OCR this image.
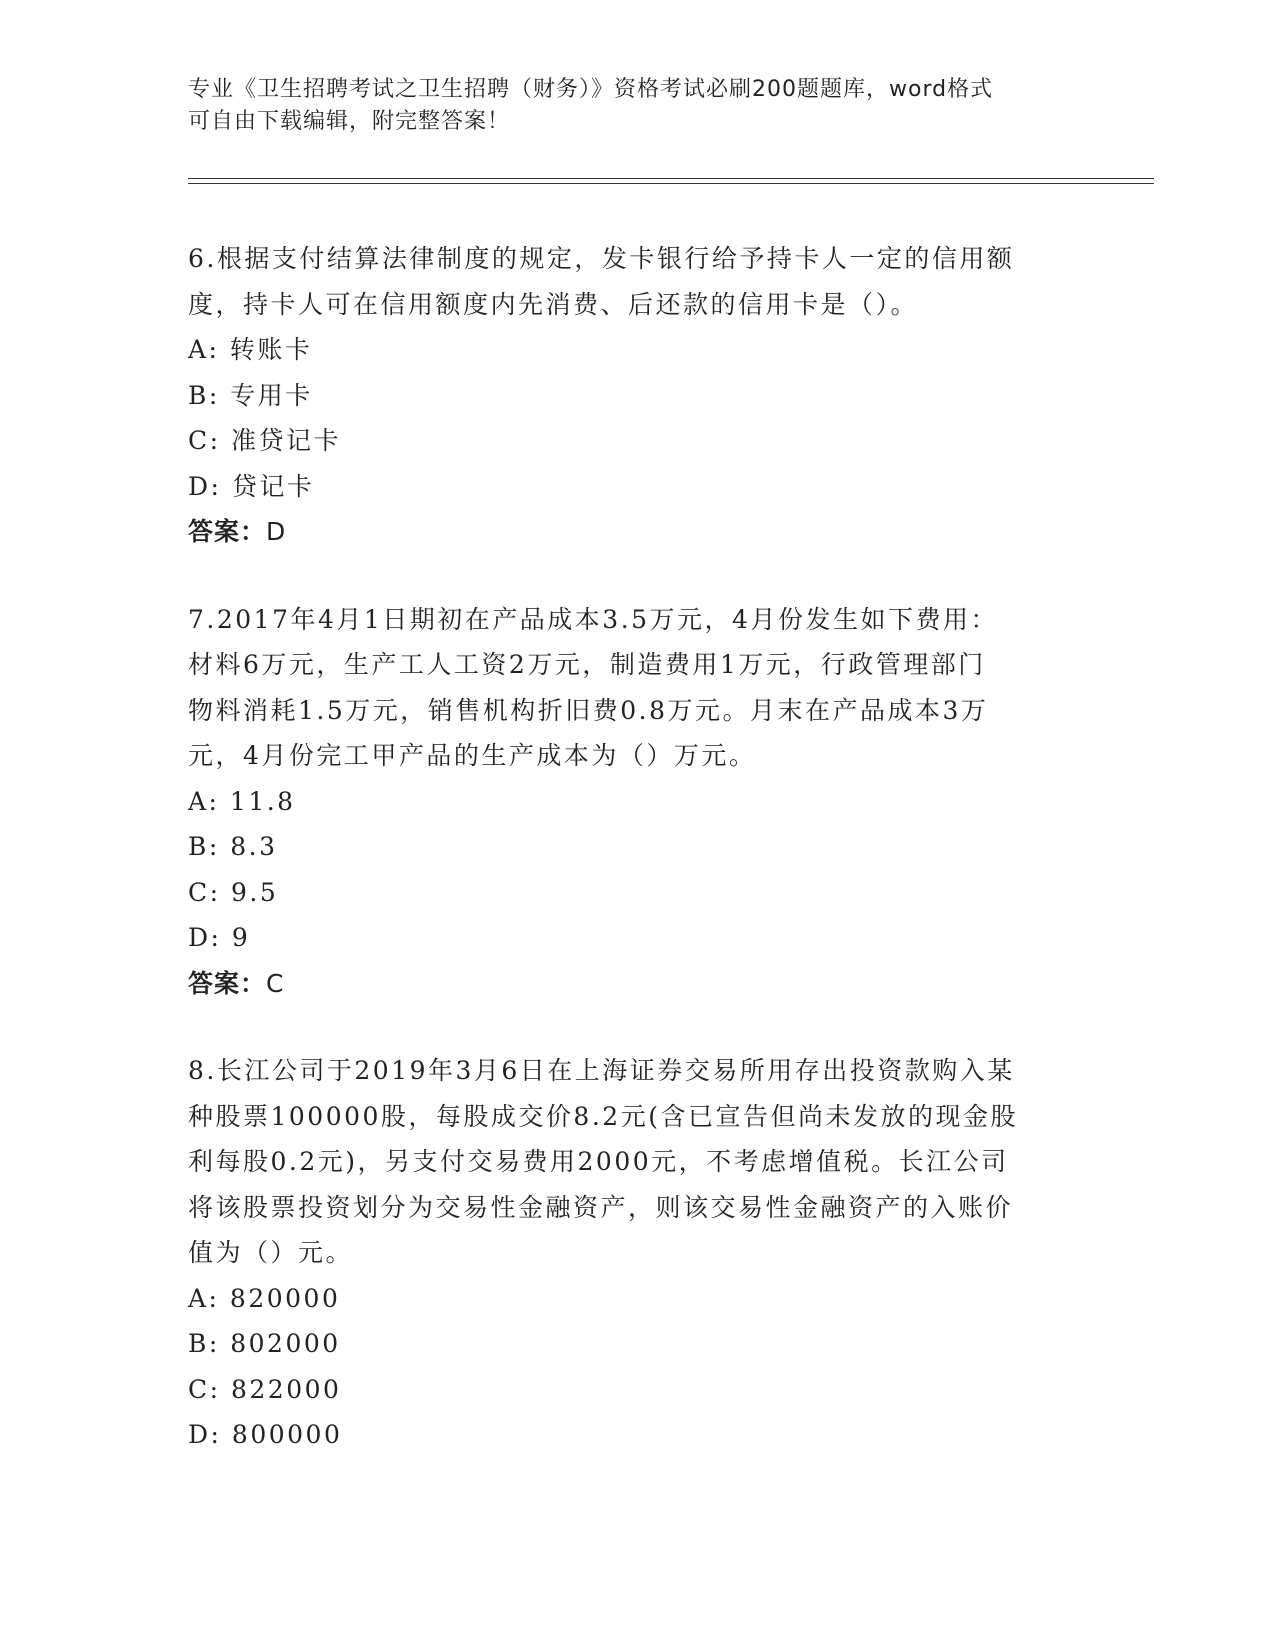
专业《卫生招聘考试之卫生招聘（财务）》资格考试必刷200题题库，word格式
可自由下载编辑，附完整答案！

6.根据支付结算法律制度的规定，发卡银行给予持卡人一定的信用额

度，持卡人可在信用额度内先消费、后还款的信用卡是（）。

A: 转账卡

B: 专用卡

C: 准贷记卡

D: 贷记卡

答案：D

7.2017年4月1日期初在产品成本3.5万元，4月份发生如下费用：

材料6万元，生产工人工资2万元，制造费用1万元，行政管理部门

物料消耗1.5万元，销售机构折旧费0.8万元。月末在产品成本3万

元，4月份完工甲产品的生产成本为（）万元。

A: 11.8

B: 8.3

C: 9.5

D: 9

答案：C

8.长江公司于2019年3月6日在上海证券交易所用存出投资款购入某

种股票100000股，每股成交价8.2元(含已宣告但尚未发放的现金股

利每股0.2元)，另支付交易费用2000元，不考虑增值税。长江公司

将该股票投资划分为交易性金融资产，则该交易性金融资产的入账价

值为（）元。

A: 820000

B: 802000

C: 822000

D: 800000
